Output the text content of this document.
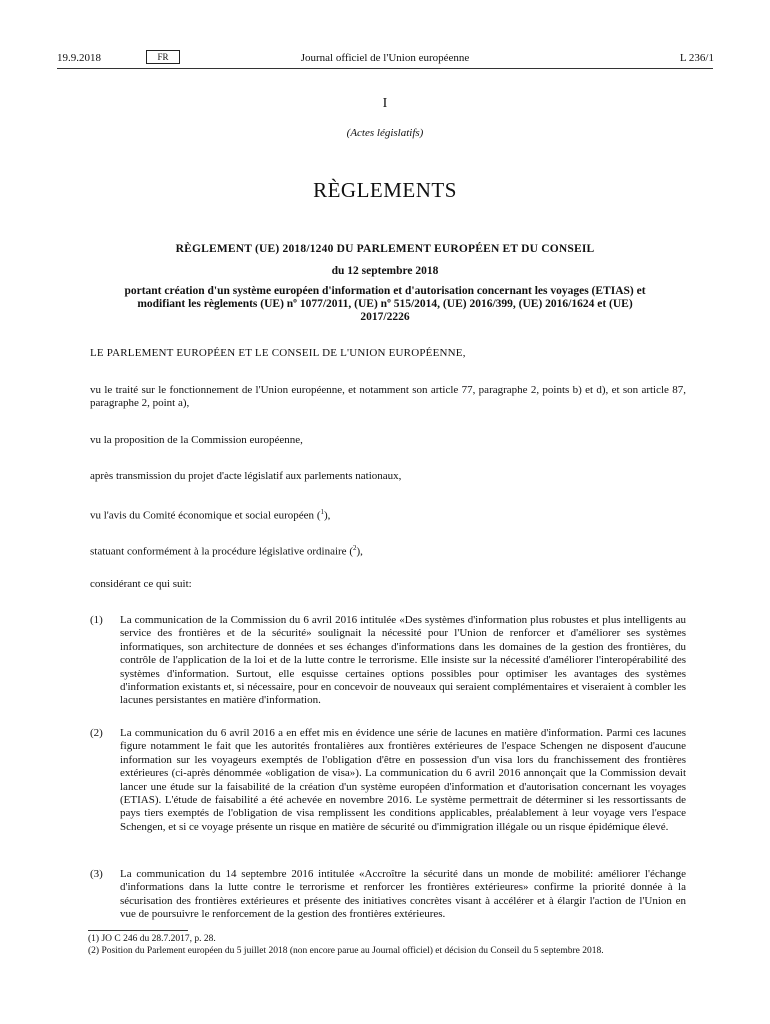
19.9.2018	FR	Journal officiel de l'Union européenne	L 236/1
I
(Actes législatifs)
RÈGLEMENTS
RÈGLEMENT (UE) 2018/1240 DU PARLEMENT EUROPÉEN ET DU CONSEIL
du 12 septembre 2018
portant création d'un système européen d'information et d'autorisation concernant les voyages (ETIAS) et modifiant les règlements (UE) nº 1077/2011, (UE) nº 515/2014, (UE) 2016/399, (UE) 2016/1624 et (UE) 2017/2226
LE PARLEMENT EUROPÉEN ET LE CONSEIL DE L'UNION EUROPÉENNE,
vu le traité sur le fonctionnement de l'Union européenne, et notamment son article 77, paragraphe 2, points b) et d), et son article 87, paragraphe 2, point a),
vu la proposition de la Commission européenne,
après transmission du projet d'acte législatif aux parlements nationaux,
vu l'avis du Comité économique et social européen ($^1$),
statuant conformément à la procédure législative ordinaire ($^2$),
considérant ce qui suit:
(1)	La communication de la Commission du 6 avril 2016 intitulée «Des systèmes d'information plus robustes et plus intelligents au service des frontières et de la sécurité» soulignait la nécessité pour l'Union de renforcer et d'améliorer ses systèmes informatiques, son architecture de données et ses échanges d'informations dans les domaines de la gestion des frontières, du contrôle de l'application de la loi et de la lutte contre le terrorisme. Elle insiste sur la nécessité d'améliorer l'interopérabilité des systèmes d'information. Surtout, elle esquisse certaines options possibles pour optimiser les avantages des systèmes d'information existants et, si nécessaire, pour en concevoir de nouveaux qui seraient complémentaires et viseraient à combler les lacunes persistantes en matière d'information.
(2)	La communication du 6 avril 2016 a en effet mis en évidence une série de lacunes en matière d'information. Parmi ces lacunes figure notamment le fait que les autorités frontalières aux frontières extérieures de l'espace Schengen ne disposent d'aucune information sur les voyageurs exemptés de l'obligation d'être en possession d'un visa lors du franchissement des frontières extérieures (ci-après dénommée «obligation de visa»). La communication du 6 avril 2016 annonçait que la Commission devait lancer une étude sur la faisabilité de la création d'un système européen d'information et d'autorisation concernant les voyages (ETIAS). L'étude de faisabilité a été achevée en novembre 2016. Le système permettrait de déterminer si les ressortissants de pays tiers exemptés de l'obligation de visa remplissent les conditions applicables, préalablement à leur voyage vers l'espace Schengen, et si ce voyage présente un risque en matière de sécurité ou d'immigration illégale ou un risque épidémique élevé.
(3)	La communication du 14 septembre 2016 intitulée «Accroître la sécurité dans un monde de mobilité: améliorer l'échange d'informations dans la lutte contre le terrorisme et renforcer les frontières extérieures» confirme la priorité donnée à la sécurisation des frontières extérieures et présente des initiatives concrètes visant à accélérer et à élargir l'action de l'Union en vue de poursuivre le renforcement de la gestion des frontières extérieures.
(1) JO C 246 du 28.7.2017, p. 28.
(2) Position du Parlement européen du 5 juillet 2018 (non encore parue au Journal officiel) et décision du Conseil du 5 septembre 2018.
